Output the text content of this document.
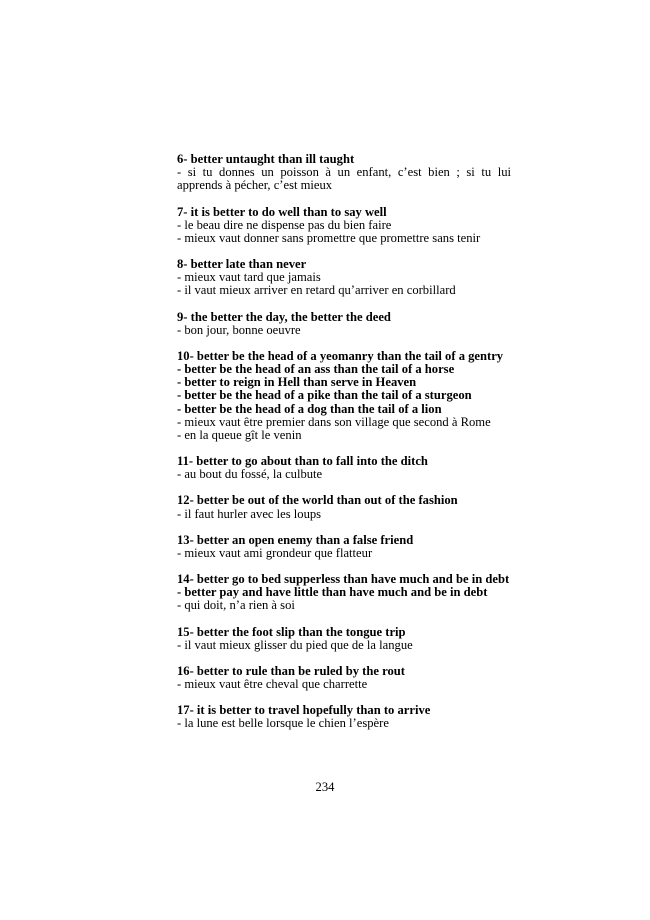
6- better untaught than ill taught

- si tu donnes un poisson à un enfant, c’est bien ; si tu lui apprends à pécher, c’est mieux

7- it is better to do well than to say well

- le beau dire ne dispense pas du bien faire

- mieux vaut donner sans promettre que promettre sans tenir

8- better late than never

- mieux vaut tard que jamais

- il vaut mieux arriver en retard qu’arriver en corbillard

9- the better the day, the better the deed

- bon jour, bonne oeuvre

10- better be the head of a yeomanry than the tail of a gentry

- better be the head of an ass than the tail of a horse

- better to reign in Hell than serve in Heaven

- better be the head of a pike than the tail of a sturgeon

- better be the head of a dog than the tail of a lion

- mieux vaut être premier dans son village que second à Rome

- en la queue gît le venin

11- better to go about than to fall into the ditch

- au bout du fossé, la culbute

12- better be out of the world than out of the fashion

- il faut hurler avec les loups

13- better an open enemy than a false friend

- mieux vaut ami grondeur que flatteur

14- better go to bed supperless than have much and be in debt

- better pay and have little than have much and be in debt

- qui doit, n’a rien à soi

15- better the foot slip than the tongue trip

- il vaut mieux glisser du pied que de la langue

16- better to rule than be ruled by the rout

- mieux vaut être cheval que charrette

17- it is better to travel hopefully than to arrive

- la lune est belle lorsque le chien l’espère

234
